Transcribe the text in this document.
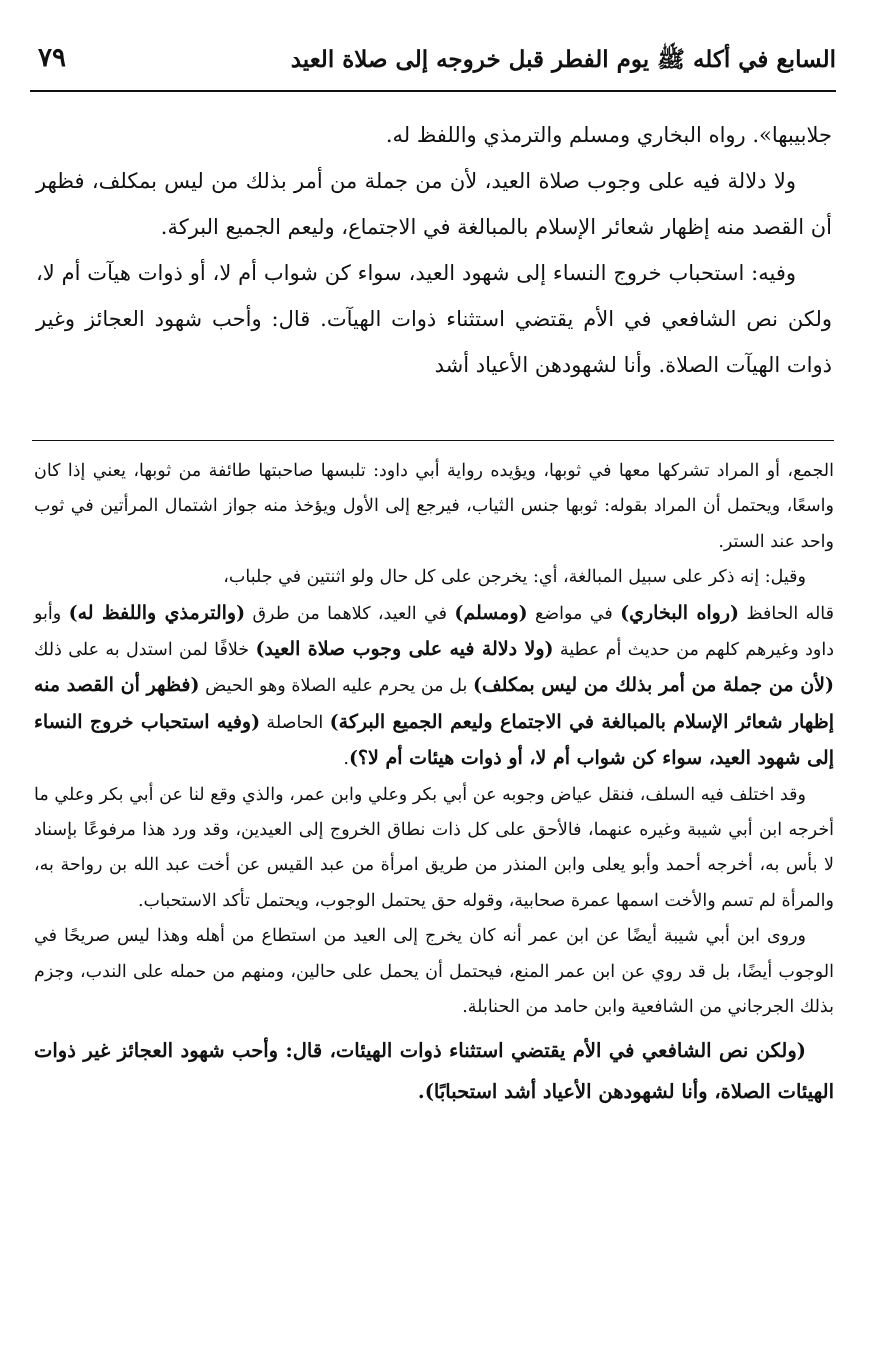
السابع في أكله ﷺ يوم الفطر قبل خروجه إلى صلاة العيد
٧٩

جلابيبها». رواه البخاري ومسلم والترمذي واللفظ له.

ولا دلالة فيه على وجوب صلاة العيد، لأن من جملة من أمر بذلك من ليس بمكلف، فظهر أن القصد منه إظهار شعائر الإسلام بالمبالغة في الاجتماع، وليعم الجميع البركة.

وفيه: استحباب خروج النساء إلى شهود العيد، سواء كن شواب أم لا، أو ذوات هيآت أم لا، ولكن نص الشافعي في الأم يقتضي استثناء ذوات الهيآت. قال: وأحب شهود العجائز وغير ذوات الهيآت الصلاة. وأنا لشهودهن الأعياد أشد

الجمع، أو المراد تشركها معها في ثوبها، ويؤيده رواية أبي داود: تلبسها صاحبتها طائفة من ثوبها، يعني إذا كان واسعًا، ويحتمل أن المراد بقوله: ثوبها جنس الثياب، فيرجع إلى الأول ويؤخذ منه جواز اشتمال المرأتين في ثوب واحد عند الستر.

وقيل: إنه ذكر على سبيل المبالغة، أي: يخرجن على كل حال ولو اثنتين في جلباب،

قاله الحافظ (رواه البخاري) في مواضع (ومسلم) في العيد، كلاهما من طرق (والترمذي واللفظ له) وأبو داود وغيرهم كلهم من حديث أم عطية (ولا دلالة فيه على وجوب صلاة العيد) خلافًا لمن استدل به على ذلك (لأن من جملة من أمر بذلك من ليس بمكلف) بل من يحرم عليه الصلاة وهو الحيض (فظهر أن القصد منه إظهار شعائر الإسلام بالمبالغة في الاجتماع وليعم الجميع البركة) الحاصلة (وفيه استحباب خروج النساء إلى شهود العيد، سواء كن شواب أم لا، أو ذوات هيئات أم لا؟).

وقد اختلف فيه السلف، فنقل عياض وجوبه عن أبي بكر وعلي وابن عمر، والذي وقع لنا عن أبي بكر وعلي ما أخرجه ابن أبي شيبة وغيره عنهما، فالأحق على كل ذات نطاق الخروج إلى العيدين، وقد ورد هذا مرفوعًا بإسناد لا بأس به، أخرجه أحمد وأبو يعلى وابن المنذر من طريق امرأة من عبد القيس عن أخت عبد الله بن رواحة به، والمرأة لم تسم والأخت اسمها عمرة صحابية، وقوله حق يحتمل الوجوب، ويحتمل تأكد الاستحباب.

وروى ابن أبي شيبة أيضًا عن ابن عمر أنه كان يخرج إلى العيد من استطاع من أهله وهذا ليس صريحًا في الوجوب أيضًا، بل قد روي عن ابن عمر المنع، فيحتمل أن يحمل على حالين، ومنهم من حمله على الندب، وجزم بذلك الجرجاني من الشافعية وابن حامد من الحنابلة.

(ولكن نص الشافعي في الأم يقتضي استثناء ذوات الهيئات، قال: وأحب شهود العجائز غير ذوات الهيئات الصلاة، وأنا لشهودهن الأعياد أشد استحبابًا).
